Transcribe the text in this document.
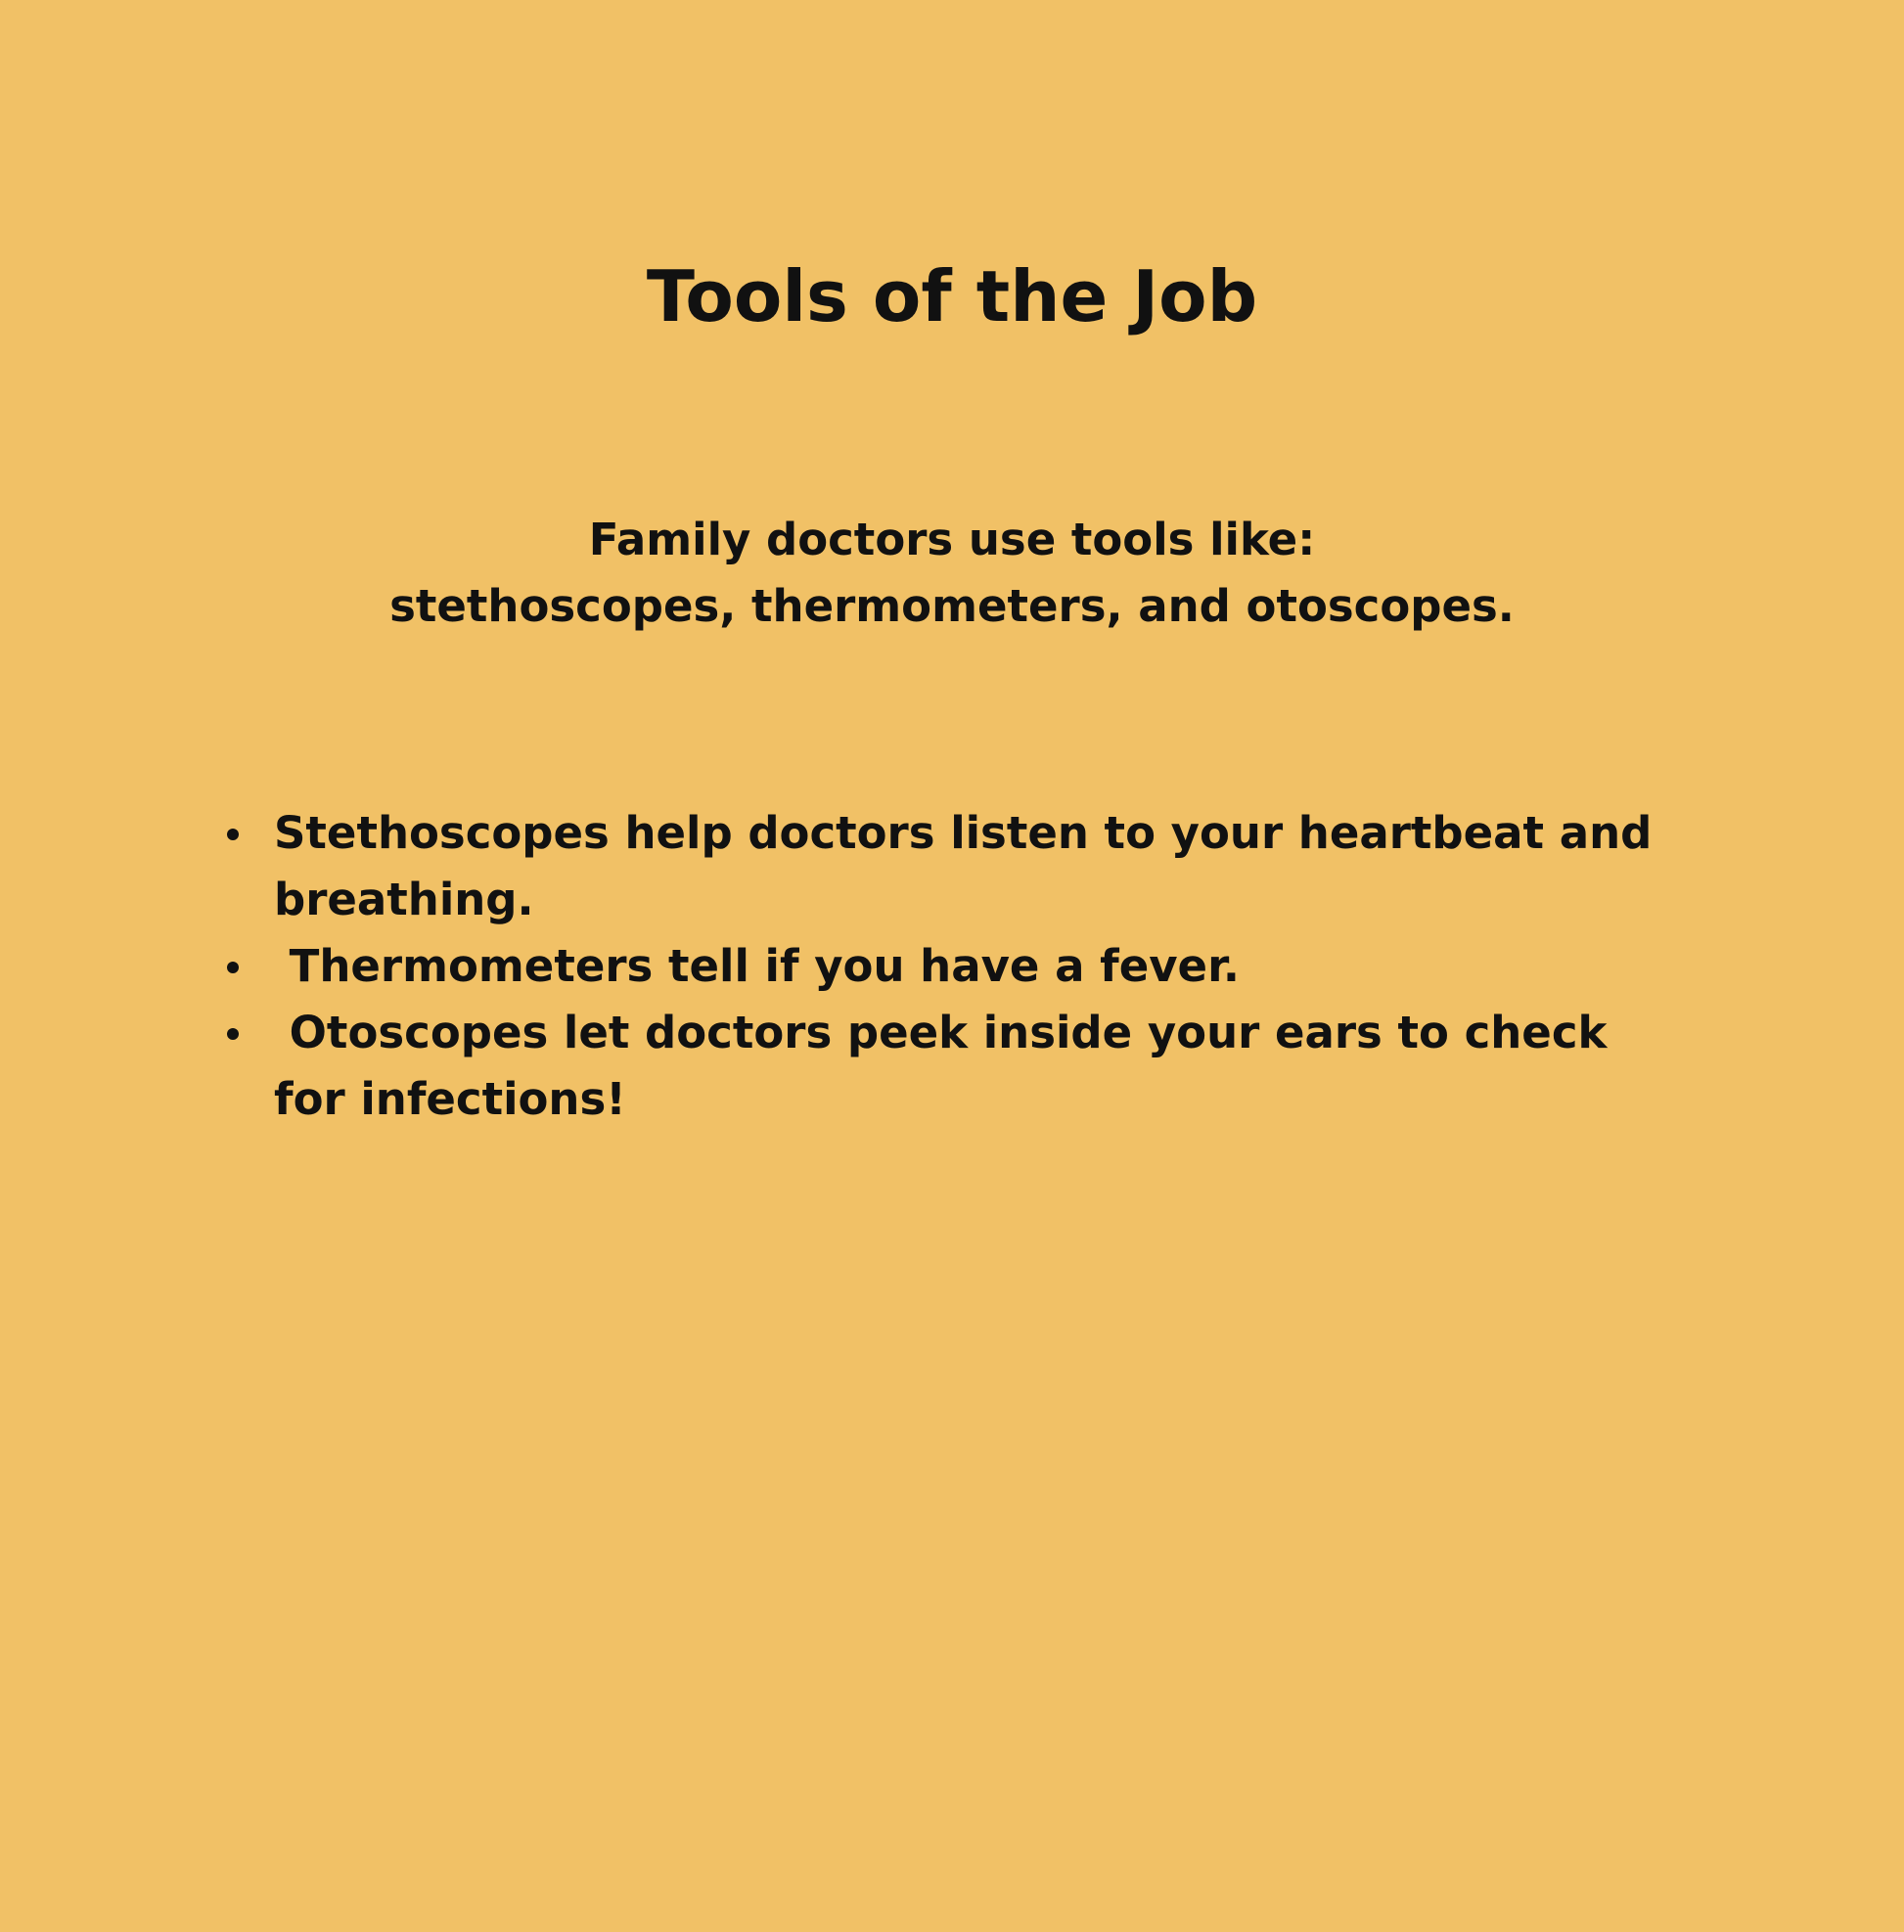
Tools of the Job

Family doctors use tools like:
stethoscopes, thermometers, and otoscopes.

Stethoscopes help doctors listen to your heartbeat and breathing.
Thermometers tell if you have a fever.
Otoscopes let doctors peek inside your ears to check for infections!
